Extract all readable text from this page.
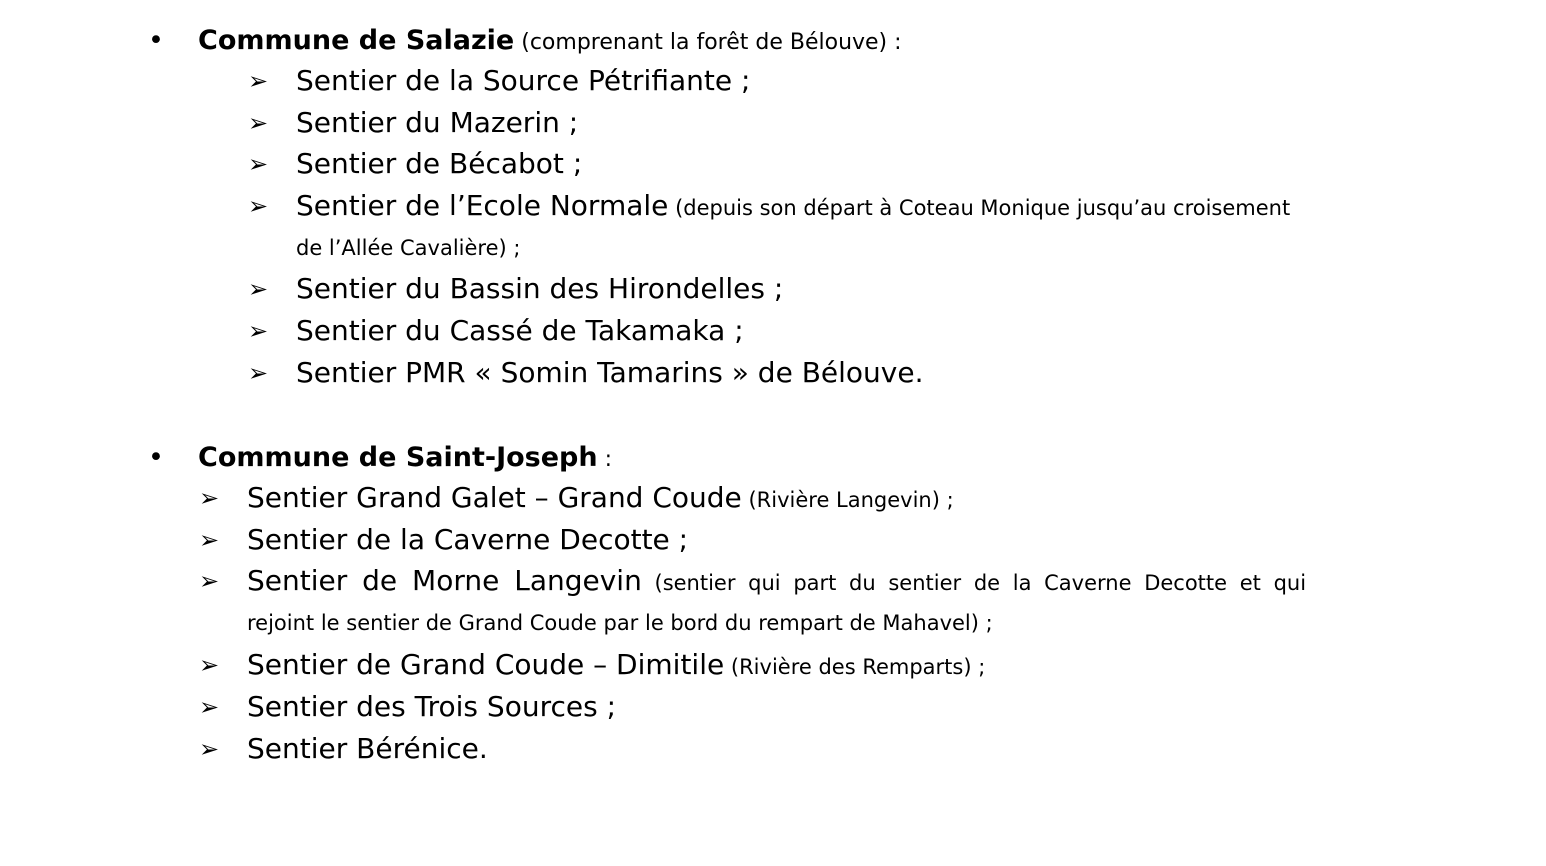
• Commune de Salazie (comprenant la forêt de Bélouve) :
➢ Sentier de la Source Pétrifiante ;
➢ Sentier du Mazerin ;
➢ Sentier de Bécabot ;
➢ Sentier de l’Ecole Normale (depuis son départ à Coteau Monique jusqu’au croisement
de l’Allée Cavalière) ;
➢ Sentier du Bassin des Hirondelles ;
➢ Sentier du Cassé de Takamaka ;
➢ Sentier PMR « Somin Tamarins » de Bélouve.
• Commune de Saint-Joseph :
➢ Sentier Grand Galet – Grand Coude (Rivière Langevin) ;
➢ Sentier de la Caverne Decotte ;
➢ Sentier de Morne Langevin (sentier qui part du sentier de la Caverne Decotte et qui
rejoint le sentier de Grand Coude par le bord du rempart de Mahavel) ;
➢ Sentier de Grand Coude – Dimitile (Rivière des Remparts) ;
➢ Sentier des Trois Sources ;
➢ Sentier Bérénice.
